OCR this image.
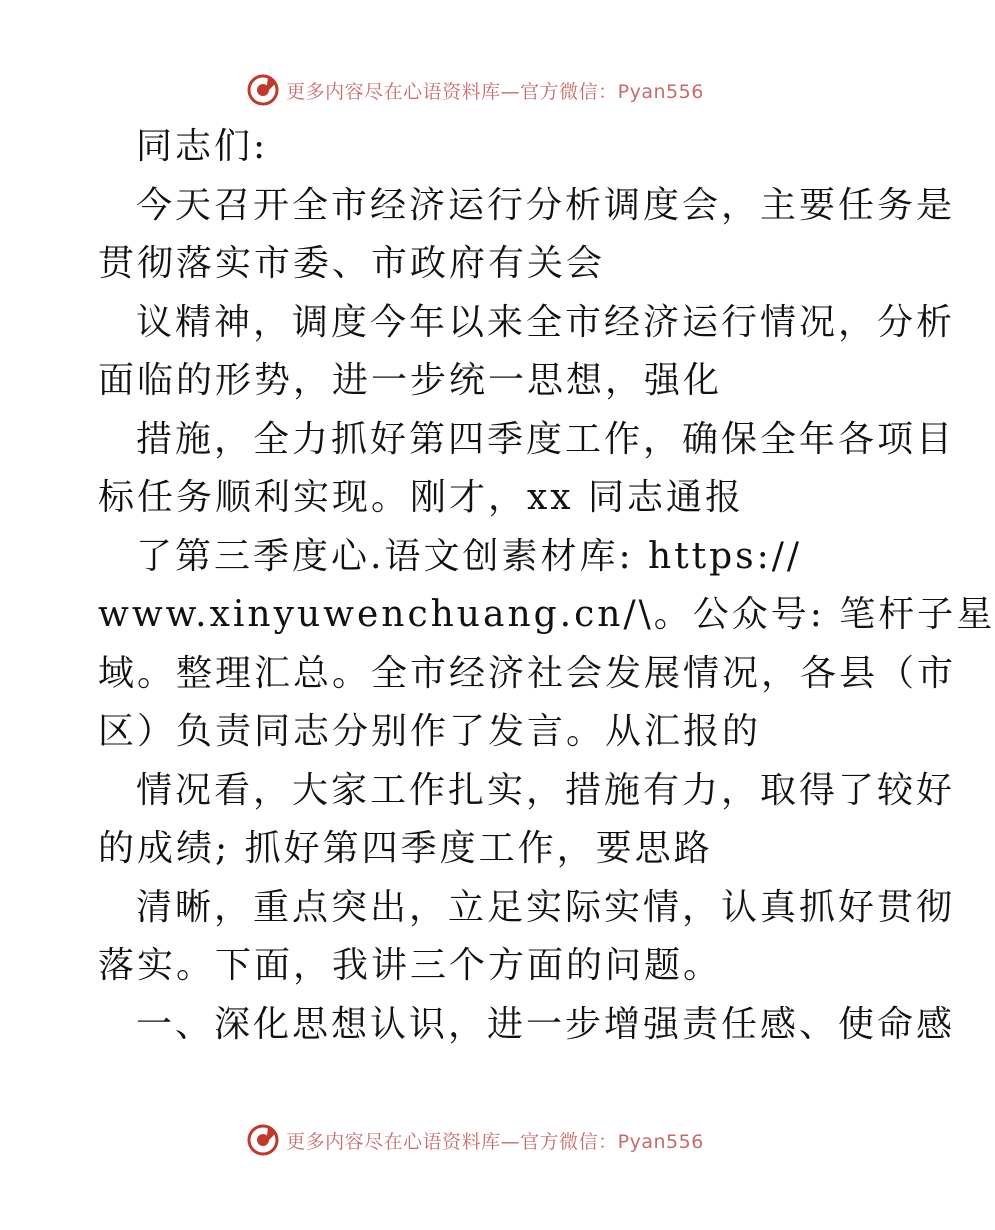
更多内容尽在心语资料库—官方微信：Pyan556
同志们:
今天召开全市经济运行分析调度会，主要任务是
贯彻落实市委、市政府有关会
议精神，调度今年以来全市经济运行情况，分析
面临的形势，进一步统一思想，强化
措施，全力抓好第四季度工作，确保全年各项目
标任务顺利实现。刚才，xx 同志通报
了第三季度心.语文创素材库: https://
www.xinyuwenchuang.cn/\。公众号: 笔杆子星
域。整理汇总。全市经济社会发展情况，各县（市
区）负责同志分别作了发言。从汇报的
情况看，大家工作扎实，措施有力，取得了较好
的成绩; 抓好第四季度工作，要思路
清晰，重点突出，立足实际实情，认真抓好贯彻
落实。下面，我讲三个方面的问题。
一、深化思想认识，进一步增强责任感、使命感
更多内容尽在心语资料库—官方微信：Pyan556
